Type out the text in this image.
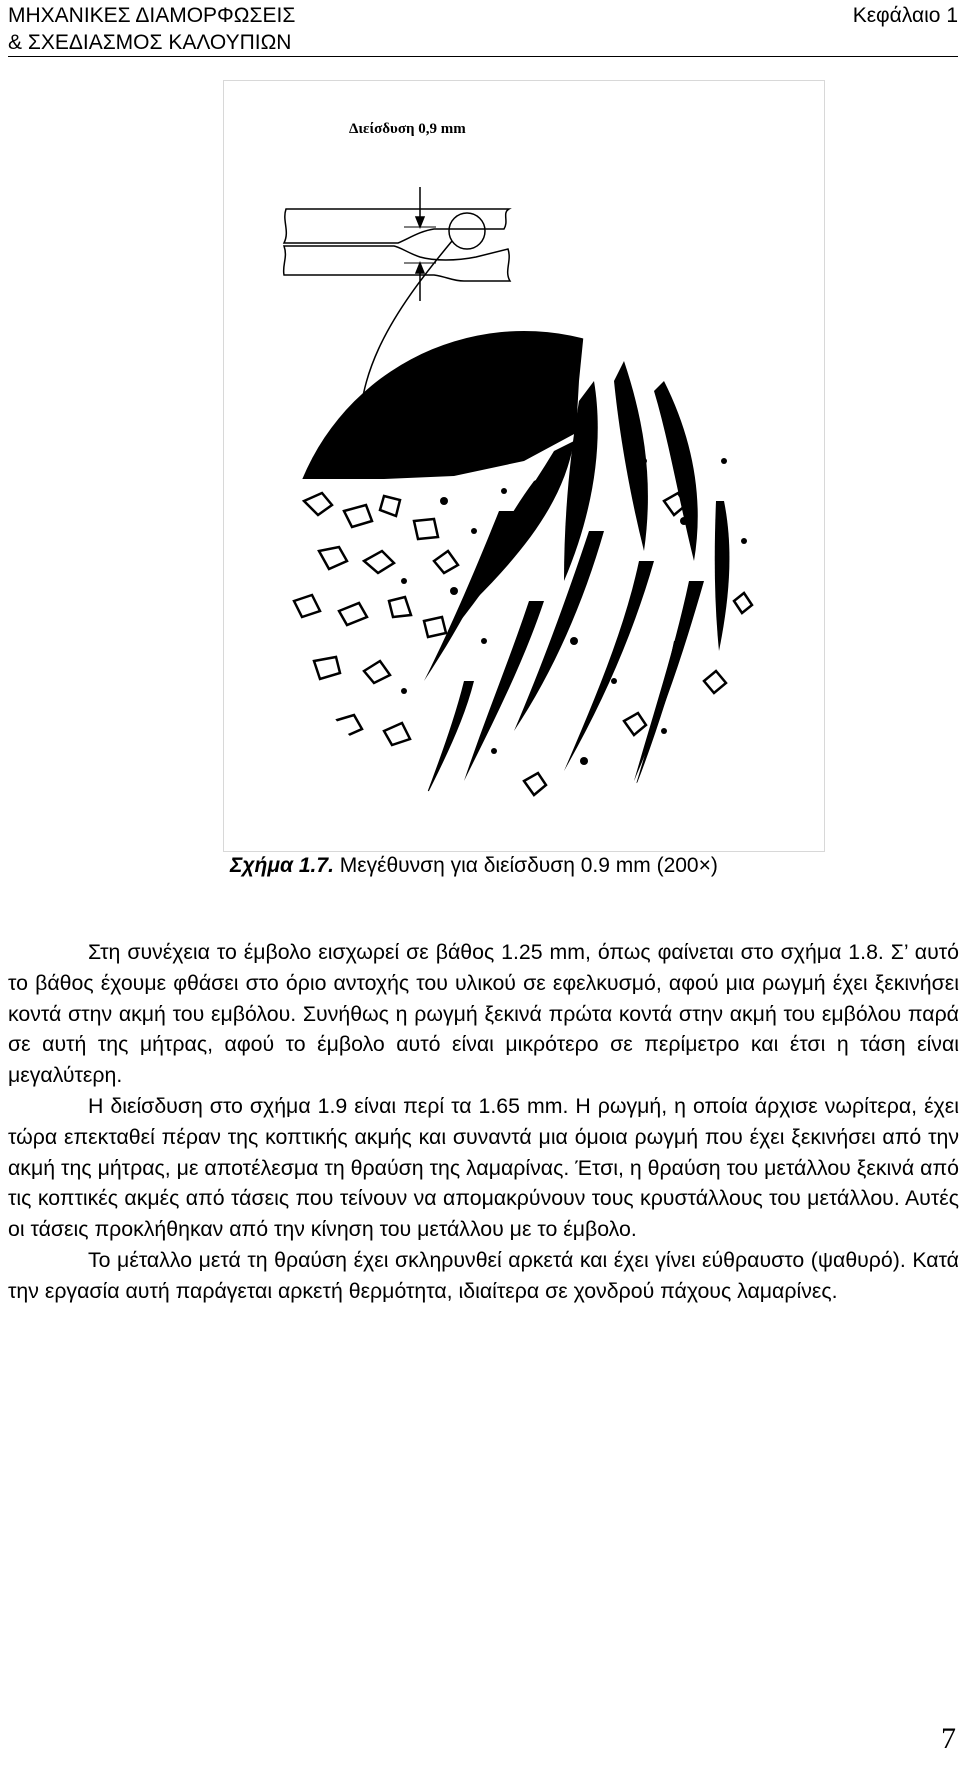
ΜΗΧΑΝΙΚΕΣ ΔΙΑΜΟΡΦΩΣΕΙΣ
& ΣΧΕΔΙΑΣΜΟΣ ΚΑΛΟΥΠΙΩΝ
Κεφάλαιο 1
Διείσδυση 0,9 mm
Σχήμα 1.7. Μεγέθυνση για διείσδυση 0.9 mm (200×)

Στη συνέχεια το έμβολο εισχωρεί σε βάθος 1.25 mm, όπως φαίνεται στο σχήμα 1.8. Σ’ αυτό το βάθος έχουμε φθάσει στο όριο αντοχής του υλικού σε εφελκυσμό, αφού μια ρωγμή έχει ξεκινήσει κοντά στην ακμή του εμβόλου. Συνήθως η ρωγμή ξεκινά πρώτα κοντά στην ακμή του εμβόλου παρά σε αυτή της μήτρας, αφού το έμβολο αυτό είναι μικρότερο σε περίμετρο και έτσι η τάση είναι μεγαλύτερη.

Η διείσδυση στο σχήμα 1.9 είναι περί τα 1.65 mm. Η ρωγμή, η οποία άρχισε νωρίτερα, έχει τώρα επεκταθεί πέραν της κοπτικής ακμής και συναντά μια όμοια ρωγμή που έχει ξεκινήσει από την ακμή της μήτρας, με αποτέλεσμα τη θραύση της λαμαρίνας. Έτσι, η θραύση του μετάλλου ξεκινά από τις κοπτικές ακμές από τάσεις που τείνουν να απομακρύνουν τους κρυστάλλους του μετάλλου. Αυτές οι τάσεις προκλήθηκαν από την κίνηση του μετάλλου με το έμβολο.

Το μέταλλο μετά τη θραύση έχει σκληρυνθεί αρκετά και έχει γίνει εύθραυστο (ψαθυρό). Κατά την εργασία αυτή παράγεται αρκετή θερμότητα, ιδιαίτερα σε χονδρού πάχους λαμαρίνες.

7
